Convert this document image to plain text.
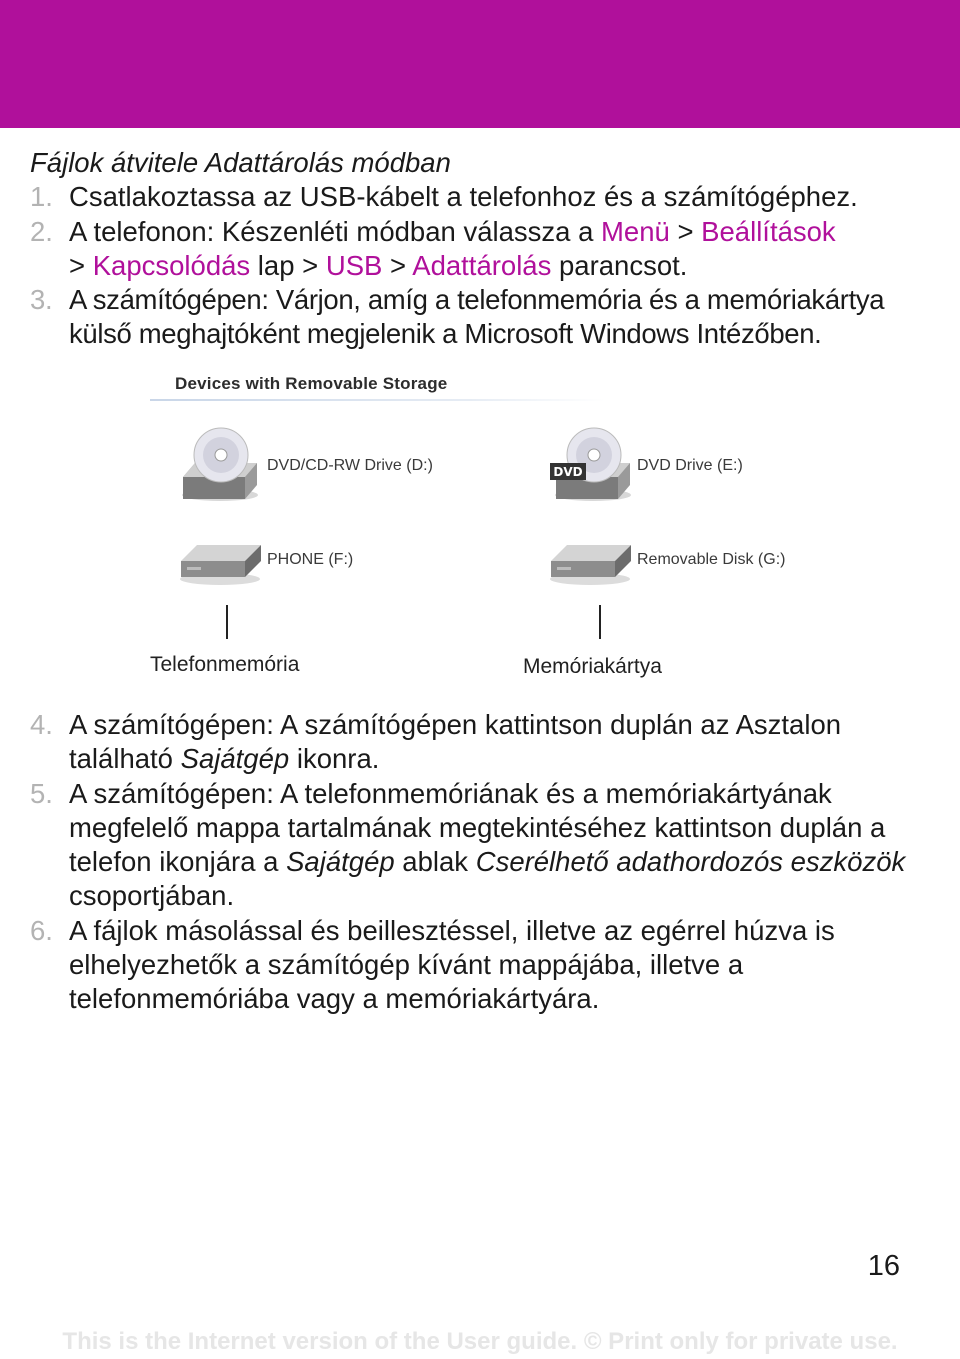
Fájlok átvitele Adattárolás módban

1. Csatlakoztassa az USB-kábelt a telefonhoz és a számítógéphez.

2. A telefonon: Készenléti módban válassza a Menü > Beállítások
> Kapcsolódás lap > USB > Adattárolás parancsot.

3. A számítógépen: Várjon, amíg a telefonmemória és a memóriakártya külső meghajtóként megjelenik a Microsoft Windows Intézőben.

Devices with Removable Storage
DVD/CD-RW Drive (D:)	DVD	DVD Drive (E:)
PHONE (F:)	Removable Disk (G:)
Telefonmemória	Memóriakártya

4. A számítógépen: A számítógépen kattintson duplán az Asztalon található Sajátgép ikonra.

5. A számítógépen: A telefonmemóriának és a memóriakártyának megfelelő mappa tartalmának megtekintéséhez kattintson duplán a telefon ikonjára a Sajátgép ablak Cserélhető adathordozós eszközök csoportjában.

6. A fájlok másolással és beillesztéssel, illetve az egérrel húzva is elhelyezhetők a számítógép kívánt mappájába, illetve a telefonmemóriába vagy a memóriakártyára.

16
This is the Internet version of the User guide. © Print only for private use.
